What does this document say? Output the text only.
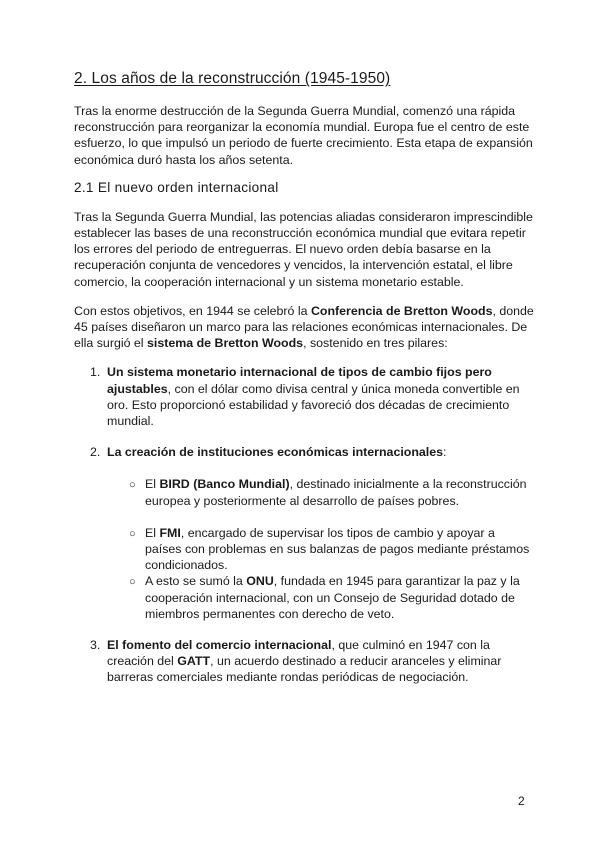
2. Los años de la reconstrucción (1945-1950)

Tras la enorme destrucción de la Segunda Guerra Mundial, comenzó una rápida reconstrucción para reorganizar la economía mundial. Europa fue el centro de este esfuerzo, lo que impulsó un periodo de fuerte crecimiento. Esta etapa de expansión económica duró hasta los años setenta.

2.1 El nuevo orden internacional

Tras la Segunda Guerra Mundial, las potencias aliadas consideraron imprescindible establecer las bases de una reconstrucción económica mundial que evitara repetir los errores del periodo de entreguerras. El nuevo orden debía basarse en la recuperación conjunta de vencedores y vencidos, la intervención estatal, el libre comercio, la cooperación internacional y un sistema monetario estable.

Con estos objetivos, en 1944 se celebró la Conferencia de Bretton Woods, donde 45 países diseñaron un marco para las relaciones económicas internacionales. De ella surgió el sistema de Bretton Woods, sostenido en tres pilares:

1. Un sistema monetario internacional de tipos de cambio fijos pero ajustables, con el dólar como divisa central y única moneda convertible en oro. Esto proporcionó estabilidad y favoreció dos décadas de crecimiento mundial.
2. La creación de instituciones económicas internacionales:
○ El BIRD (Banco Mundial), destinado inicialmente a la reconstrucción europea y posteriormente al desarrollo de países pobres.
○ El FMI, encargado de supervisar los tipos de cambio y apoyar a países con problemas en sus balanzas de pagos mediante préstamos condicionados.
○ A esto se sumó la ONU, fundada en 1945 para garantizar la paz y la cooperación internacional, con un Consejo de Seguridad dotado de miembros permanentes con derecho de veto.
3. El fomento del comercio internacional, que culminó en 1947 con la creación del GATT, un acuerdo destinado a reducir aranceles y eliminar barreras comerciales mediante rondas periódicas de negociación.
2
